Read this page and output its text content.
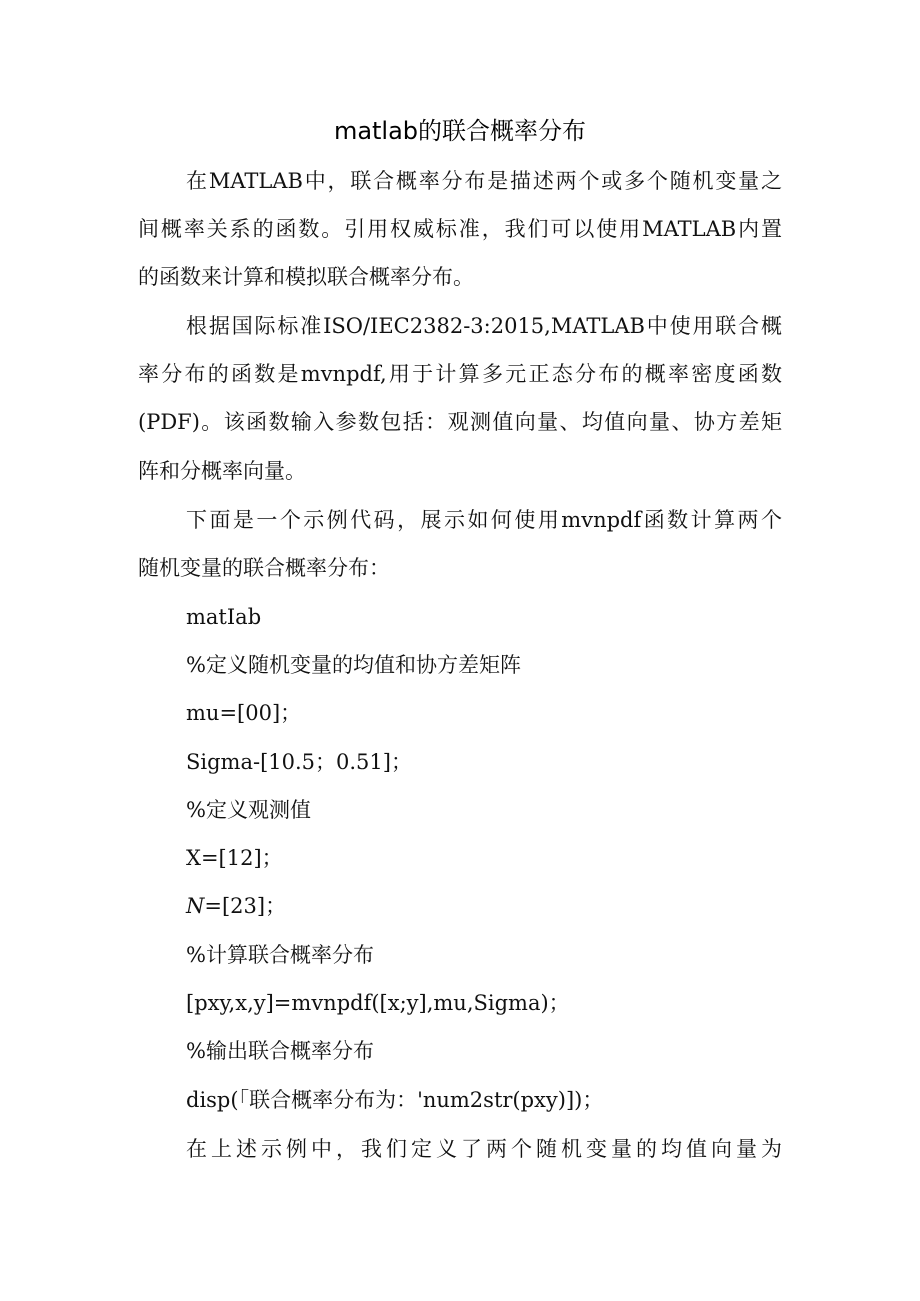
matlab的联合概率分布
在MATLAB中，联合概率分布是描述两个或多个随机变量之
间概率关系的函数。引用权威标准，我们可以使用MATLAB内置
的函数来计算和模拟联合概率分布。
根据国际标准ISO/IEC2382-3:2015,MATLAB中使用联合概
率分布的函数是mvnpdf,用于计算多元正态分布的概率密度函数
(PDF)。该函数输入参数包括：观测值向量、均值向量、协方差矩
阵和分概率向量。
下面是一个示例代码，展示如何使用mvnpdf函数计算两个
随机变量的联合概率分布：
matIab
%定义随机变量的均值和协方差矩阵
mu=[00]；
Sigma-[10.5；0.51]；
%定义观测值
X=[12]；
N=[23]；
%计算联合概率分布
[pxy,x,y]=mvnpdf([x;y],mu,Sigma)；
%输出联合概率分布
disp(「联合概率分布为：'num2str(pxy)])；
在上述示例中，我们定义了两个随机变量的均值向量为
